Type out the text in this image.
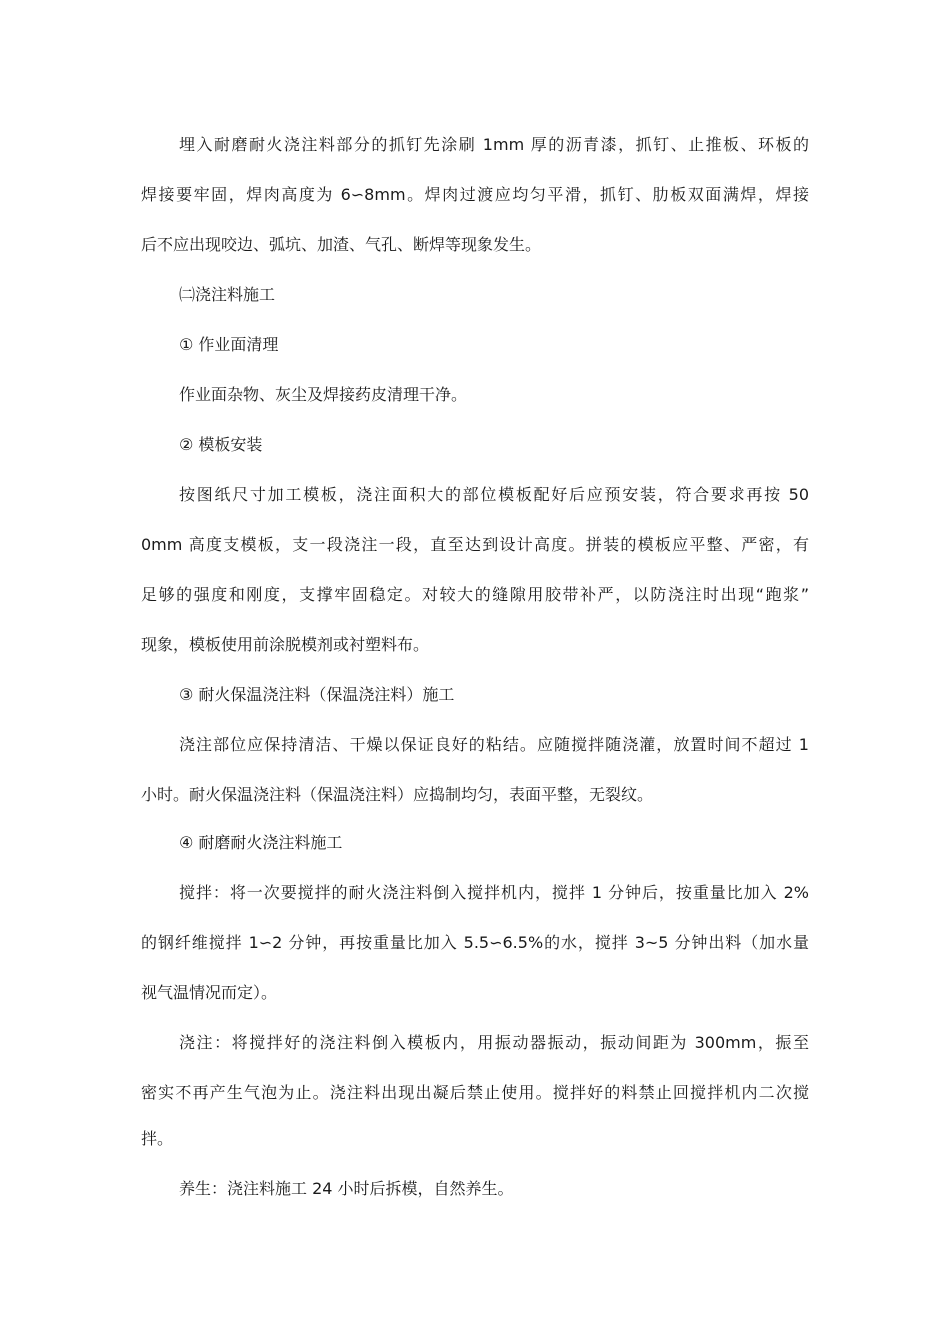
埋入耐磨耐火浇注料部分的抓钉先涂刷 1mm 厚的沥青漆，抓钉、止推板、环板的
焊接要牢固，焊肉高度为 6∽8mm。焊肉过渡应均匀平滑，抓钉、肋板双面满焊，焊接
后不应出现咬边、弧坑、加渣、气孔、断焊等现象发生。
㈡浇注料施工
① 作业面清理
作业面杂物、灰尘及焊接药皮清理干净。
② 模板安装
按图纸尺寸加工模板，浇注面积大的部位模板配好后应预安装，符合要求再按 50
0mm 高度支模板，支一段浇注一段，直至达到设计高度。拼装的模板应平整、严密，有
足够的强度和刚度，支撑牢固稳定。对较大的缝隙用胶带补严，以防浇注时出现“跑浆”
现象，模板使用前涂脱模剂或衬塑料布。
③ 耐火保温浇注料（保温浇注料）施工
浇注部位应保持清洁、干燥以保证良好的粘结。应随搅拌随浇灌，放置时间不超过 1
小时。耐火保温浇注料（保温浇注料）应捣制均匀，表面平整，无裂纹。
④ 耐磨耐火浇注料施工
搅拌：将一次要搅拌的耐火浇注料倒入搅拌机内，搅拌 1 分钟后，按重量比加入 2%
的钢纤维搅拌 1∽2 分钟，再按重量比加入 5.5∽6.5%的水，搅拌 3~5 分钟出料（加水量
视气温情况而定）。
浇注：将搅拌好的浇注料倒入模板内，用振动器振动，振动间距为 300mm，振至
密实不再产生气泡为止。浇注料出现出凝后禁止使用。搅拌好的料禁止回搅拌机内二次搅
拌。
养生：浇注料施工 24 小时后拆模，自然养生。
